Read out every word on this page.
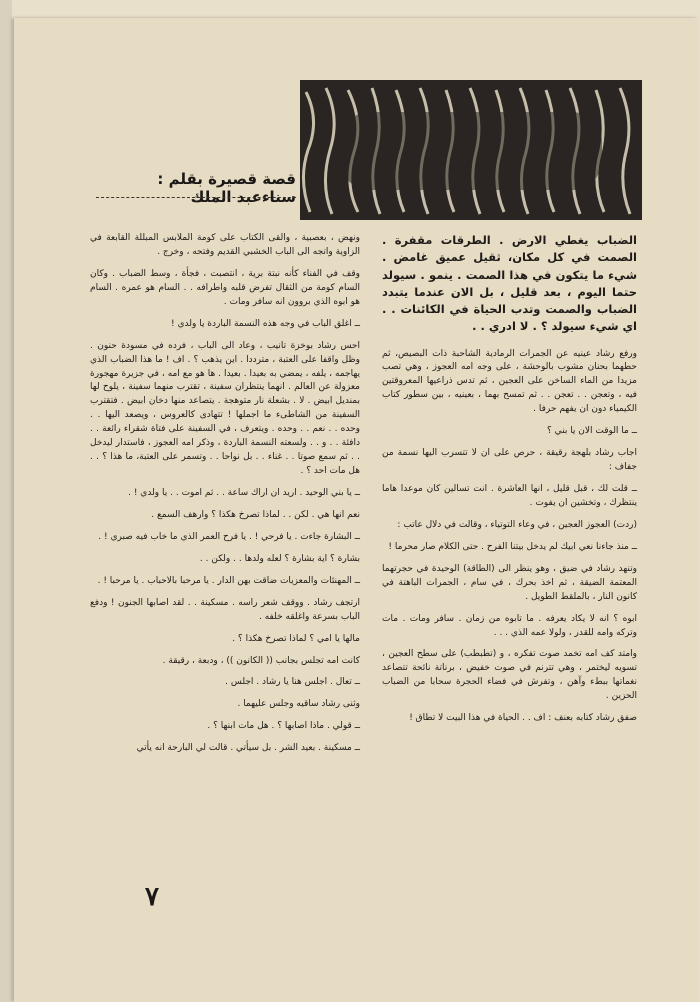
قصة قصيرة بقلم : سناءعبد الملك

الضباب يغطي الارض . الطرقات مقفرة . الصمت في كل مكان، ثقيل عميق غامض . شيء ما يتكون في هذا الصمت . ينمو . سيولد حتما اليوم ، بعد قليل ، بل الان عندما يتبدد الضباب والصمت وتدب الحياة في الكائنات . . اي شيء سيولد ؟ . لا ادري . .

ورفع رشاد عينيه عن الجمرات الرمادية الشاحبة ذات البصيص، ثم حطهما بحنان مشوب بالوحشة ، على وجه امه العجوز ، وهي تصب مزيدا من الماء الساخن على العجين ، ثم تدس ذراعيها المعروقتين فيه ، وتعجن . . تعجن . . ثم تمسح بهما ، بعينيه ، بين سطور كتاب الكيمياء دون ان يفهم حرفا .

ــ ما الوقت الان يا بني ؟

اجاب رشاد بلهجة رقيقة ، حرص على ان لا تتسرب اليها نسمة من جفاف :

ــ قلت لك ، قبل قليل ، انها العاشرة . انت تسالين كان موعدا هاما ينتظرك ، وتخشين ان يفوت .

(ردت) العجوز العجين ، في وعاء التوتياء ، وقالت في دلال عاتب :

ــ منذ جاءنا نعي ابيك لم يدخل بيتنا الفرح . حتى الكلام صار محرما !

وتنهد رشاد في ضيق ، وهو ينظر الى (الطاقة) الوحيدة في حجرتهما المعتمة الضيقة ، ثم اخذ بحرك ، في سام ، الجمرات الباهتة في كانون النار ، بالملقط الطويل .

ابوه ؟ انه لا يكاد يعرفه . ما تابوه من زمان . سافر ومات . مات وتركه وامه للقدر ، ولولا عمه الذي . . .

وامتد كف امه تخمد صوت تفكره ، و (تطبطب) على سطح العجين ، تسويه ليختمر ، وهي تترنم في صوت خفيض ، برناتة نائحة تتصاعد نغماتها ببطء وآهن ، وتفرش في فضاء الحجرة سحابا من الضباب الحزين .

صفق رشاد كتابه بعنف : اف . . الحياة في هذا البيت لا تطاق !

ونهض ، بعصبية ، والقى الكتاب على كومة الملابس المبللة القابعة في الزاوية واتجه الى الباب الخشبي القديم وفتحه ، وخرج .

وقف في الفناء كأنه نبتة برية ، انتصبت ، فجأة ، وسط الضباب . وكان السام كومة من الثقال تفرض قلبه واطرافه . . السام هو عمره . السام هو ابوه الذي بروون انه سافر ومات .

ــ اغلق الباب في وجه هذه النسمة الباردة يا ولدي !

احس رشاد بوخزة تانيب ، وعاد الى الباب ، فرده في مسودة حنون . وظل واقفا على العتبة ، مترددا . اين يذهب ؟ . اف ! ما هذا الضباب الذي يهاجمه ، يلفه ، يمضي به بعيدا . بعيدا . ها هو مع امه ، في جزيرة مهجورة معزولة عن العالم . انهما ينتظران سفينة ، تقترب منهما سفينة ، يلوح لها بمنديل ابيض . لا . بشعلة نار متوهجة . يتصاعد منها دخان ابيض . فتقترب السفينة من الشاطىء ما اجملها ! تتهادى كالعروس ، ويصعد اليها . . وحده . . نعم . . وحده . ويتعرف ، في السفينة على فتاة شقراء رائعة . . دافئة . . و . . ولسعته النسمة الباردة ، وذكر امه العجوز ، فاستدار ليدخل . . ثم سمع صوتا . . غناء . . بل نواحا . . وتسمر على العتبة، ما هذا ؟ . . هل مات احد ؟ .

ــ يا بني الوحيد . اريد ان اراك ساعة . . ثم اموت . . يا ولدي ! .

نعم انها هي . لكن . . لماذا تصرخ هكذا ؟ وارهف السمع .

ــ البشارة جاءت . يا فرحي ! . يا فرح العمر الذي ما خاب فيه صبري ! .

بشارة ؟ اية بشارة ؟ لعله ولدها . . ولكن . .

ــ المهنئات والمعزيات ضاقت بهن الدار . يا مرحبا بالاحباب . يا مرحبا ! .

ارتجف رشاد . ووقف شعر راسه . مسكينة . . لقد اصابها الجنون ! ودفع الباب بسرعة واغلقه خلفه .

مالها يا امي ؟ لماذا تصرخ هكذا ؟ .

كانت امه تجلس بجانب (( الكانون )) ، ودبعة ، رقيقة .

ــ تعال . اجلس هنا يا رشاد . اجلس .

وثنى رشاد ساقيه وجلس عليهما .

ــ قولي . ماذا اصابها ؟ . هل مات ابنها ؟ .

ــ مسكينة . بعيد الشر . بل سيأتي . قالت لي البارحة انه يأتي

٧
